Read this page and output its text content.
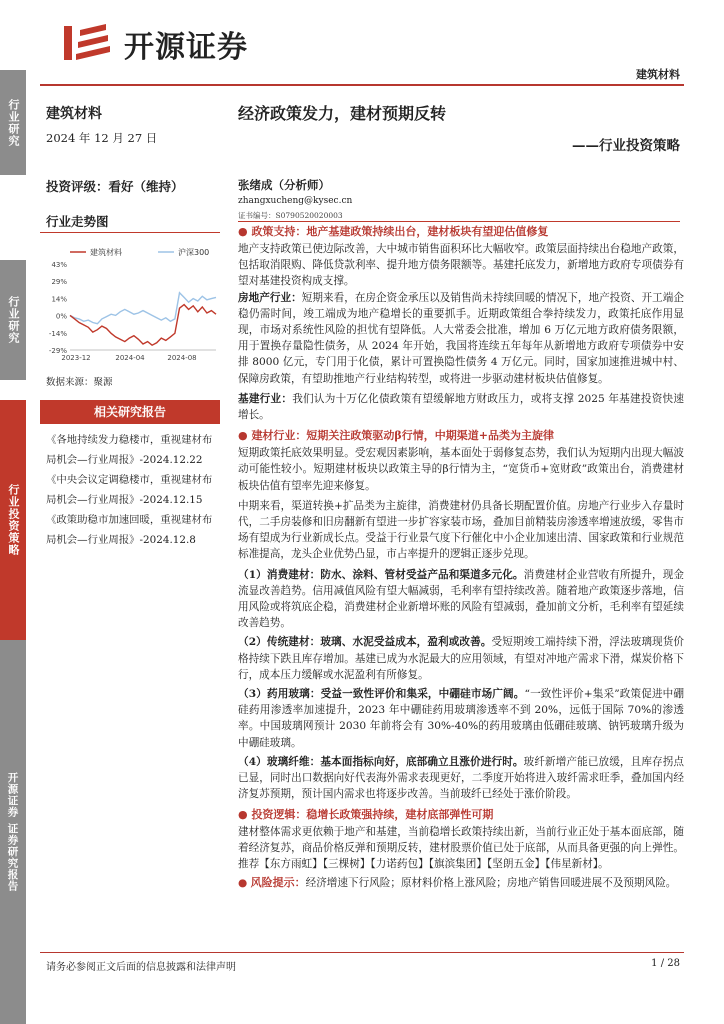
行业研究
行业研究
行业投资策略
开源证券 证券研究报告
开源证券
建筑材料
建筑材料
2024 年 12 月 27 日
投资评级：看好（维持）
行业走势图
建筑材料	沪深300
43%
29%
14%
0%
-14%
-29%
2023-12	2024-04	2024-08
数据来源：聚源
相关研究报告
《各地持续发力稳楼市，重视建材布
局机会—行业周报》-2024.12.22
《中央会议定调稳楼市，重视建材布
局机会—行业周报》-2024.12.15
《政策助稳市加速回暖，重视建材布
局机会—行业周报》-2024.12.8
经济政策发力，建材预期反转
——行业投资策略
张绪成（分析师）
zhangxucheng@kysec.cn
证书编号：S0790520020003
● 政策支持：地产基建政策持续出台，建材板块有望迎估值修复
地产支持政策已使边际改善，大中城市销售面积环比大幅收窄。政策层面持续出台稳地产政策，包括取消限购、降低贷款利率、提升地方债务限额等。基建托底发力，新增地方政府专项债券有望对基建投资构成支撑。
房地产行业：短期来看，在房企资金承压以及销售尚未持续回暖的情况下，地产投资、开工端企稳仍需时间，竣工端成为地产稳增长的重要抓手。近期政策组合拳持续发力，政策托底作用显现，市场对系统性风险的担忧有望降低。人大常委会批准，增加 6 万亿元地方政府债务限额，用于置换存量隐性债务，从 2024 年开始，我国将连续五年每年从新增地方政府专项债券中安排 8000 亿元，专门用于化债，累计可置换隐性债务 4 万亿元。同时，国家加速推进城中村、保障房政策，有望助推地产行业结构转型，或将进一步驱动建材板块估值修复。
基建行业：我们认为十万亿化债政策有望缓解地方财政压力，或将支撑 2025 年基建投资快速增长。
● 建材行业：短期关注政策驱动β行情，中期渠道+品类为主旋律
短期政策托底效果明显。受宏观因素影响，基本面处于弱修复态势，我们认为短期内出现大幅波动可能性较小。短期建材板块以政策主导的β行情为主，“宽货币+宽财政”政策出台，消费建材板块估值有望率先迎来修复。
中期来看，渠道转换+扩品类为主旋律，消费建材仍具备长期配置价值。房地产行业步入存量时代，二手房装修和旧房翻新有望进一步扩容家装市场，叠加目前精装房渗透率增速放缓，零售市场有望成为行业新成长点。受益于行业景气度下行催化中小企业加速出清、国家政策和行业规范标准提高，龙头企业优势凸显，市占率提升的逻辑正逐步兑现。
（1）消费建材：防水、涂料、管材受益产品和渠道多元化。消费建材企业营收有所提升，现金流显改善趋势。信用减值风险有望大幅减弱，毛利率有望持续改善。随着地产政策逐步落地，信用风险或将筑底企稳，消费建材企业新增坏账的风险有望减弱，叠加前文分析，毛利率有望延续改善趋势。
（2）传统建材：玻璃、水泥受益成本，盈利或改善。受短期竣工端持续下滑，浮法玻璃现货价格持续下跌且库存增加。基建已成为水泥最大的应用领域，有望对冲地产需求下滑，煤炭价格下行，成本压力缓解或水泥盈利有所修复。
（3）药用玻璃：受益一致性评价和集采，中硼硅市场广阔。“一致性评价+集采”政策促进中硼硅药用渗透率加速提升，2023 年中硼硅药用玻璃渗透率不到 20%，远低于国际 70%的渗透率。中国玻璃网预计 2030 年前将会有 30%-40%的药用玻璃由低硼硅玻璃、钠钙玻璃升级为中硼硅玻璃。
（4）玻璃纤维：基本面指标向好，底部确立且涨价进行时。玻纤新增产能已放缓，且库存拐点已显，同时出口数据向好代表海外需求表现更好，二季度开始将进入玻纤需求旺季，叠加国内经济复苏预期，预计国内需求也将逐步改善。当前玻纤已经处于涨价阶段。
● 投资逻辑：稳增长政策强持续，建材底部弹性可期
建材整体需求更依赖于地产和基建，当前稳增长政策持续出新，当前行业正处于基本面底部，随着经济复苏，商品价格反弹和预期反转，建材股票价值已处于底部，从而具备更强的向上弹性。推荐【东方雨虹】【三棵树】【力诺药包】【旗滨集团】【坚朗五金】【伟星新材】。
● 风险提示：经济增速下行风险；原材料价格上涨风险；房地产销售回暖进展不及预期风险。
请务必参阅正文后面的信息披露和法律声明	1 / 28
